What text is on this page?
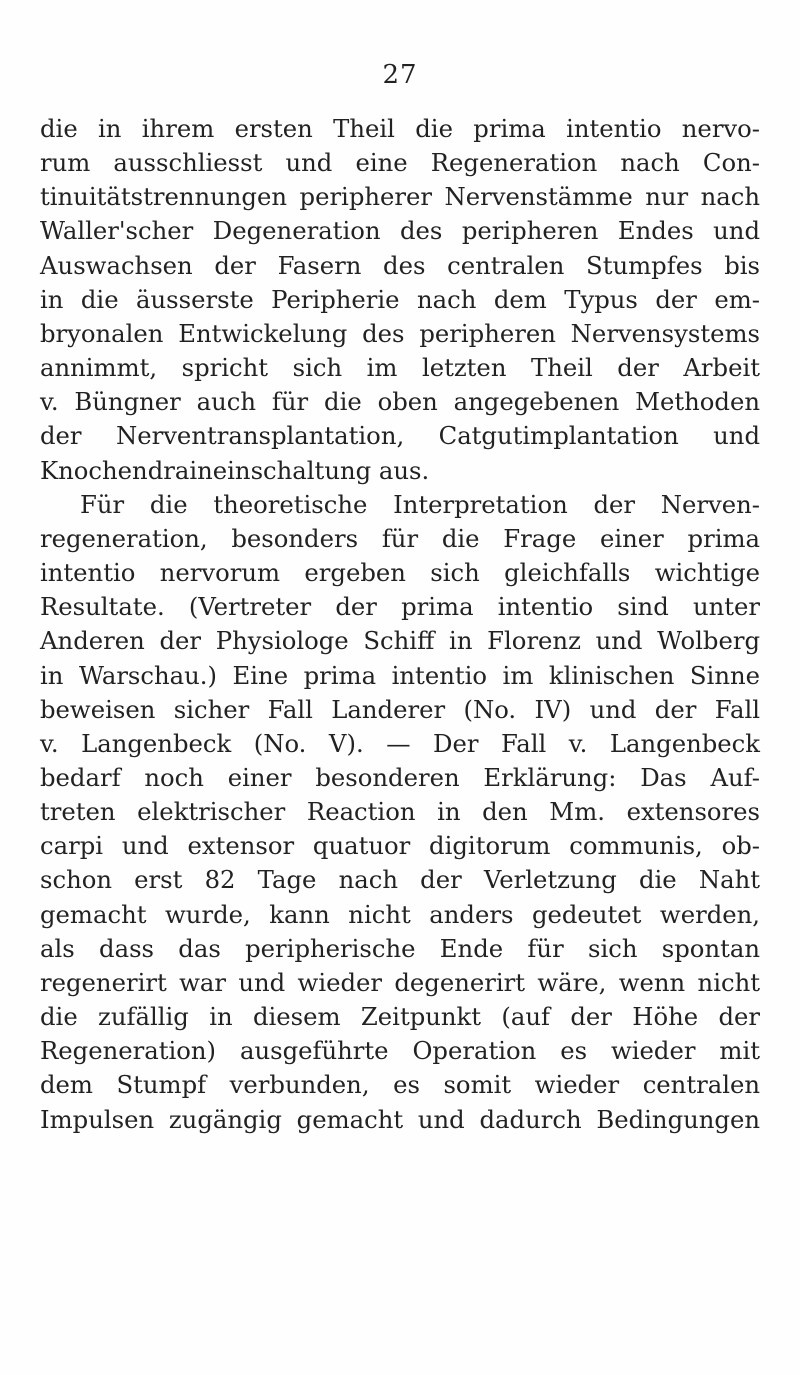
27
die in ihrem ersten Theil die prima intentio nervo-
rum ausschliesst und eine Regeneration nach Con-
tinuitätstrennungen peripherer Nervenstämme nur nach
Waller'scher Degeneration des peripheren Endes und
Auswachsen der Fasern des centralen Stumpfes bis
in die äusserste Peripherie nach dem Typus der em-
bryonalen Entwickelung des peripheren Nervensystems
annimmt, spricht sich im letzten Theil der Arbeit
v. Büngner auch für die oben angegebenen Methoden
der Nerventransplantation, Catgutimplantation und
Knochendraineinschaltung aus.
Für die theoretische Interpretation der Nerven-
regeneration, besonders für die Frage einer prima
intentio nervorum ergeben sich gleichfalls wichtige
Resultate. (Vertreter der prima intentio sind unter
Anderen der Physiologe Schiff in Florenz und Wolberg
in Warschau.) Eine prima intentio im klinischen Sinne
beweisen sicher Fall Landerer (No. IV) und der Fall
v. Langenbeck (No. V). — Der Fall v. Langenbeck
bedarf noch einer besonderen Erklärung: Das Auf-
treten elektrischer Reaction in den Mm. extensores
carpi und extensor quatuor digitorum communis, ob-
schon erst 82 Tage nach der Verletzung die Naht
gemacht wurde, kann nicht anders gedeutet werden,
als dass das peripherische Ende für sich spontan
regenerirt war und wieder degenerirt wäre, wenn nicht
die zufällig in diesem Zeitpunkt (auf der Höhe der
Regeneration) ausgeführte Operation es wieder mit
dem Stumpf verbunden, es somit wieder centralen
Impulsen zugängig gemacht und dadurch Bedingungen
